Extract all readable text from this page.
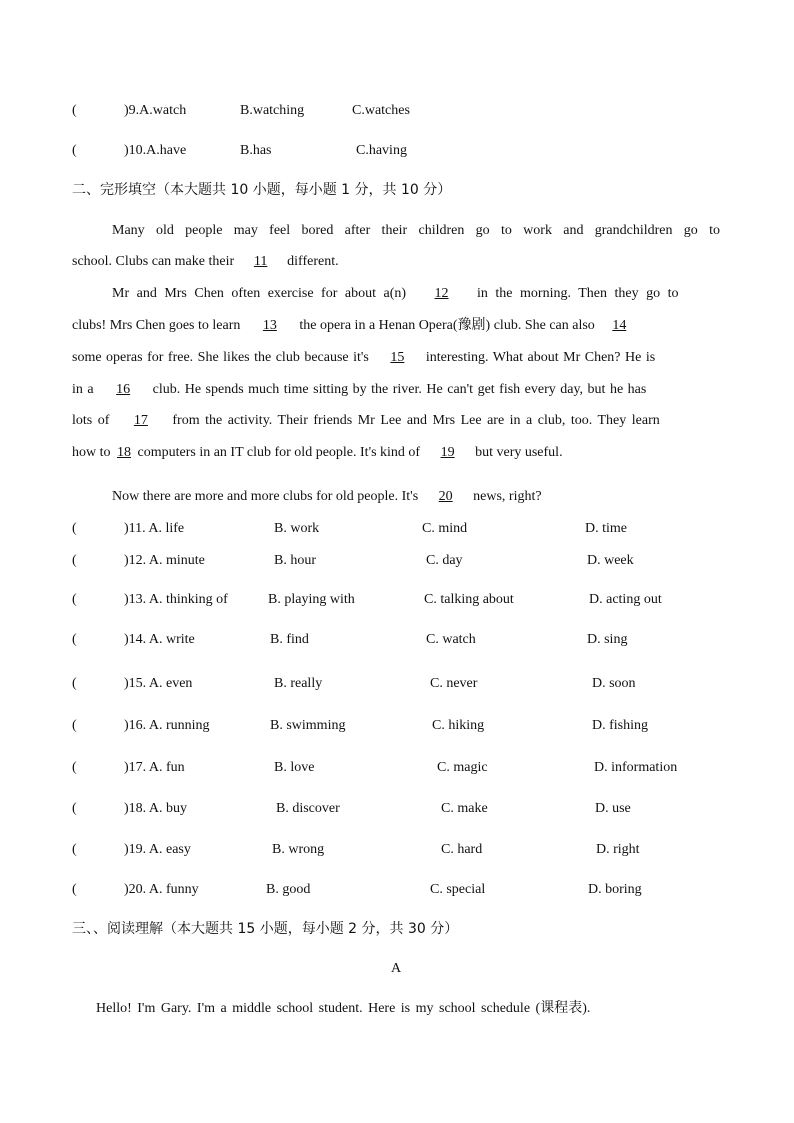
(	)9.A.watch	B.watching	C.watches
(	)10.A.have	B.has	C.having
二、完形填空（本大题共 10 小题，每小题 1 分，共 10 分）
Many old people may feel bored after their children go to work and grandchildren go to
school. Clubs can make their 11 different.
Mr and Mrs Chen often exercise for about a(n) 12 in the morning. Then they go to
clubs! Mrs Chen goes to learn 13 the opera in a Henan Opera(豫剧) club. She can also 14
some operas for free. She likes the club because it's 15 interesting. What about Mr Chen? He is
in a 16 club. He spends much time sitting by the river. He can't get fish every day, but he has
lots of 17 from the activity. Their friends Mr Lee and Mrs Lee are in a club, too. They learn
how to 18 computers in an IT club for old people. It's kind of 19 but very useful.
Now there are more and more clubs for old people. It's 20 news, right?
(	)11. A. life	B. work	C. mind	D. time
(	)12. A. minute	B. hour	C. day	D. week
(	)13. A. thinking of	B. playing with	C. talking about	D. acting out
(	)14. A. write	B. find	C. watch	D. sing
(	)15. A. even	B. really	C. never	D. soon
(	)16. A. running	B. swimming	C. hiking	D. fishing
(	)17. A. fun	B. love	C. magic	D. information
(	)18. A. buy	B. discover	C. make	D. use
(	)19. A. easy	B. wrong	C. hard	D. right
(	)20. A. funny	B. good	C. special	D. boring
三、、阅读理解（本大题共 15 小题，每小题 2 分，共 30 分）
A
Hello! I'm Gary. I'm a middle school student. Here is my school schedule (课程表).
